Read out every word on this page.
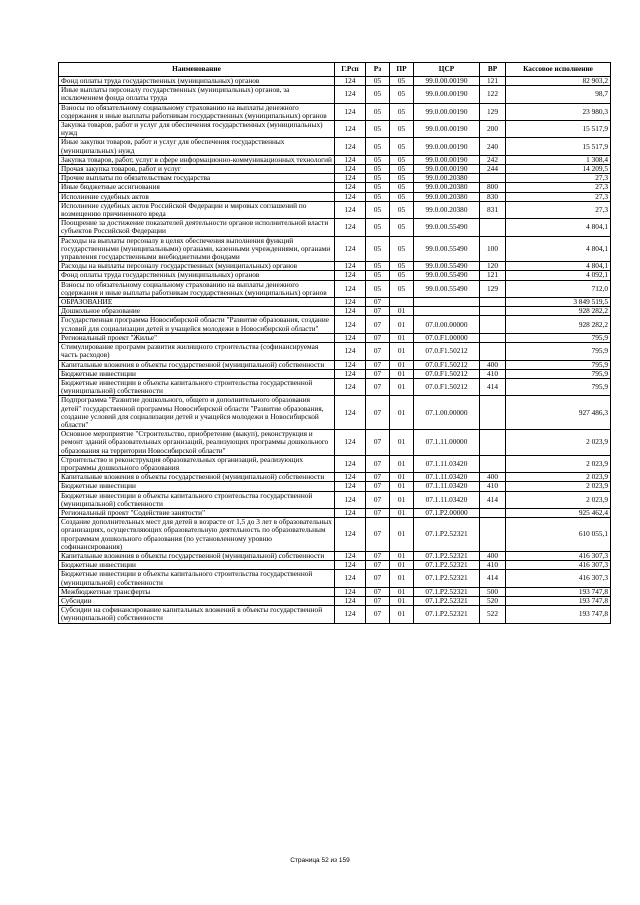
Наименование	Г.Рсп	Рз	ПР	ЦСР	ВР	Кассовое исполнение
Фонд оплаты труда государственных (муниципальных) органов	124	05	05	99.0.00.00190	121	82 903,2
Иные выплаты персоналу государственных (муниципальных) органов, за исключением фонда оплаты труда	124	05	05	99.0.00.00190	122	98,7
Взносы по обязательному социальному страхованию на выплаты денежного содержания и иные выплаты работникам государственных (муниципальных) органов	124	05	05	99.0.00.00190	129	23 980,3
Закупка товаров, работ и услуг для обеспечения государственных (муниципальных) нужд	124	05	05	99.0.00.00190	200	15 517,9
Иные закупки товаров, работ и услуг для обеспечения государственных (муниципальных) нужд	124	05	05	99.0.00.00190	240	15 517,9
Закупка товаров, работ, услуг в сфере информационно-коммуникационных технологий	124	05	05	99.0.00.00190	242	1 308,4
Прочая закупка товаров, работ и услуг	124	05	05	99.0.00.00190	244	14 209,5
Прочие выплаты по обязательствам государства	124	05	05	99.0.00.20380		27,3
Иные бюджетные ассигнования	124	05	05	99.0.00.20380	800	27,3
Исполнение судебных актов	124	05	05	99.0.00.20380	830	27,3
Исполнение судебных актов Российской Федерации и мировых соглашений по возмещению причиненного вреда	124	05	05	99.0.00.20380	831	27,3
Поощрение за достижение показателей деятельности органов исполнительной власти субъектов Российской Федерации	124	05	05	99.0.00.55490		4 804,1
Расходы на выплаты персоналу в целях обеспечения выполнения функций государственными (муниципальными) органами, казенными учреждениями, органами управления государственными внебюджетными фондами	124	05	05	99.0.00.55490	100	4 804,1
Расходы на выплаты персоналу государственных (муниципальных) органов	124	05	05	99.0.00.55490	120	4 804,1
Фонд оплаты труда государственных (муниципальных) органов	124	05	05	99.0.00.55490	121	4 092,1
Взносы по обязательному социальному страхованию на выплаты денежного содержания и иные выплаты работникам государственных (муниципальных) органов	124	05	05	99.0.00.55490	129	712,0
ОБРАЗОВАНИЕ	124	07				3 849 519,5
Дошкольное образование	124	07	01			928 282,2
Государственная программа Новосибирской области "Развитие образования, создание условий для социализации детей и учащейся молодежи в Новосибирской области"	124	07	01	07.0.00.00000		928 282,2
Региональный проект "Жилье"	124	07	01	07.0.F1.00000		795,9
Стимулирование программ развития жилищного строительства (софинансируемая часть расходов)	124	07	01	07.0.F1.50212		795,9
Капитальные вложения в объекты государственной (муниципальной) собственности	124	07	01	07.0.F1.50212	400	795,9
Бюджетные инвестиции	124	07	01	07.0.F1.50212	410	795,9
Бюджетные инвестиции в объекты капитального строительства государственной (муниципальной) собственности	124	07	01	07.0.F1.50212	414	795,9
Подпрограмма "Развитие дошкольного, общего и дополнительного образования детей" государственной программы Новосибирской области "Развитие образования, создание условий для социализации детей и учащейся молодежи в Новосибирской области"	124	07	01	07.1.00.00000		927 486,3
Основное мероприятие "Строительство, приобретение (выкуп), реконструкция и ремонт зданий образовательных организаций, реализующих программы дошкольного образования на территории Новосибирской области"	124	07	01	07.1.11.00000		2 023,9
Строительство и реконструкция образовательных организаций, реализующих программы дошкольного образования	124	07	01	07.1.11.03420		2 023,9
Капитальные вложения в объекты государственной (муниципальной) собственности	124	07	01	07.1.11.03420	400	2 023,9
Бюджетные инвестиции	124	07	01	07.1.11.03420	410	2 023,9
Бюджетные инвестиции в объекты капитального строительства государственной (муниципальной) собственности	124	07	01	07.1.11.03420	414	2 023,9
Региональный проект "Содействие занятости"	124	07	01	07.1.P2.00000		925 462,4
Создание дополнительных мест для детей в возрасте от 1,5 до 3 лет в образовательных организациях, осуществляющих образовательную деятельность по образовательным программам дошкольного образования (по установленному уровню софинансирования)	124	07	01	07.1.P2.52321		610 055,1
Капитальные вложения в объекты государственной (муниципальной) собственности	124	07	01	07.1.P2.52321	400	416 307,3
Бюджетные инвестиции	124	07	01	07.1.P2.52321	410	416 307,3
Бюджетные инвестиции в объекты капитального строительства государственной (муниципальной) собственности	124	07	01	07.1.P2.52321	414	416 307,3
Межбюджетные трансферты	124	07	01	07.1.P2.52321	500	193 747,8
Субсидии	124	07	01	07.1.P2.52321	520	193 747,8
Субсидии на софинансирование капитальных вложений в объекты государственной (муниципальной) собственности	124	07	01	07.1.P2.52321	522	193 747,8
Страница 52 из 159
